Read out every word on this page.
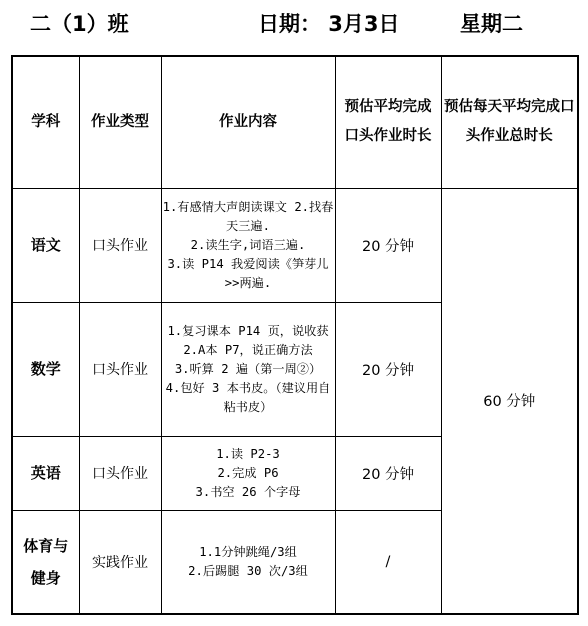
二（1）班	日期： 3月3日	星期二
学科	作业类型	作业内容	预估平均完成口头作业时长	预估每天平均完成口头作业总时长
语文	口头作业	1.有感情大声朗读课文 2.找春天三遍.
2.读生字,词语三遍.
3.读 P14 我爱阅读《笋芽儿>>两遍.	20 分钟	60 分钟
数学	口头作业	1.复习课本 P14 页，说收获
2.A本 P7，说正确方法
3.听算 2 遍（第一周②）
4.包好 3 本书皮。（建议用自粘书皮）	20 分钟	
英语	口头作业	1.读 P2-3
2.完成 P6
3.书空 26 个字母	20 分钟	
体育与健身	实践作业	1.1分钟跳绳/3组
2.后踢腿 30 次/3组	/	
